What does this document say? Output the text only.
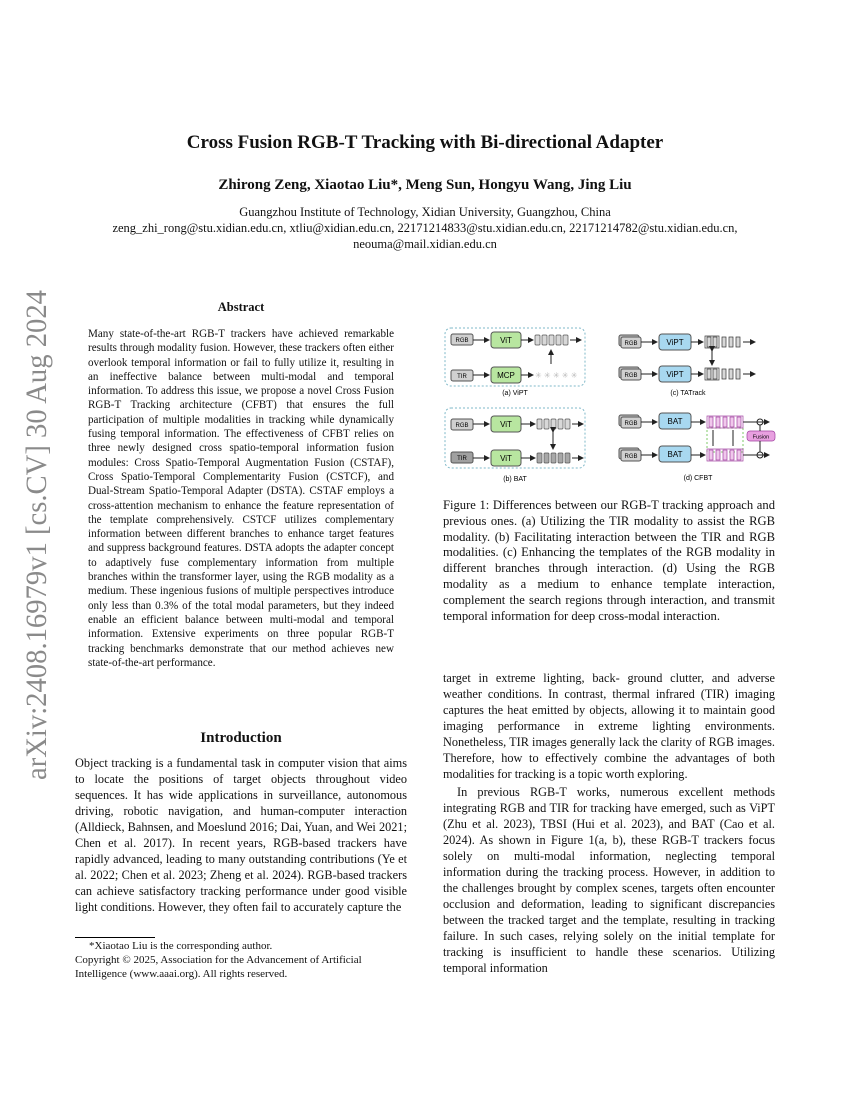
arXiv:2408.16979v1 [cs.CV] 30 Aug 2024
Cross Fusion RGB-T Tracking with Bi-directional Adapter
Zhirong Zeng, Xiaotao Liu*, Meng Sun, Hongyu Wang, Jing Liu
Guangzhou Institute of Technology, Xidian University, Guangzhou, China
zeng_zhi_rong@stu.xidian.edu.cn, xtliu@xidian.edu.cn, 22171214833@stu.xidian.edu.cn, 22171214782@stu.xidian.edu.cn,
neouma@mail.xidian.edu.cn
Abstract
Many state-of-the-art RGB-T trackers have achieved remarkable results through modality fusion. However, these trackers often either overlook temporal information or fail to fully utilize it, resulting in an ineffective balance between multi-modal and temporal information. To address this issue, we propose a novel Cross Fusion RGB-T Tracking architecture (CFBT) that ensures the full participation of multiple modalities in tracking while dynamically fusing temporal information. The effectiveness of CFBT relies on three newly designed cross spatio-temporal information fusion modules: Cross Spatio-Temporal Augmentation Fusion (CSTAF), Cross Spatio-Temporal Complementarity Fusion (CSTCF), and Dual-Stream Spatio-Temporal Adapter (DSTA). CSTAF employs a cross-attention mechanism to enhance the feature representation of the template comprehensively. CSTCF utilizes complementary information between different branches to enhance target features and suppress background features. DSTA adopts the adapter concept to adaptively fuse complementary information from multiple branches within the transformer layer, using the RGB modality as a medium. These ingenious fusions of multiple perspectives introduce only less than 0.3% of the total modal parameters, but they indeed enable an efficient balance between multi-modal and temporal information. Extensive experiments on three popular RGB-T tracking benchmarks demonstrate that our method achieves new state-of-the-art performance.
Introduction
Object tracking is a fundamental task in computer vision that aims to locate the positions of target objects throughout video sequences. It has wide applications in surveillance, autonomous driving, robotic navigation, and human-computer interaction (Alldieck, Bahnsen, and Moeslund 2016; Dai, Yuan, and Wei 2021; Chen et al. 2017). In recent years, RGB-based trackers have rapidly advanced, leading to many outstanding contributions (Ye et al. 2022; Chen et al. 2023; Zheng et al. 2024). RGB-based trackers can achieve satisfactory tracking performance under good visible light conditions. However, they often fail to accurately capture the

*Xiaotao Liu is the corresponding author.

Copyright © 2025, Association for the Advancement of Artificial Intelligence (www.aaai.org). All rights reserved.

RGB
TIR
ViT
MCP	✳ ✳ ✳ ✳ ✳
(a) ViPT
RGB
RGB
ViPT
ViPT
(c) TATrack
RGB
TIR
ViT
ViT
(b) BAT
RGB
RGB
BAT
BAT
Fusion
(d) CFBT
Figure 1: Differences between our RGB-T tracking approach and previous ones. (a) Utilizing the TIR modality to assist the RGB modality. (b) Facilitating interaction between the TIR and RGB modalities. (c) Enhancing the templates of the RGB modality in different branches through interaction. (d) Using the RGB modality as a medium to enhance template interaction, complement the search regions through interaction, and transmit temporal information for deep cross-modal interaction.

target in extreme lighting, back- ground clutter, and adverse weather conditions. In contrast, thermal infrared (TIR) imaging captures the heat emitted by objects, allowing it to maintain good imaging performance in extreme lighting environments. Nonetheless, TIR images generally lack the clarity of RGB images. Therefore, how to effectively combine the advantages of both modalities for tracking is a topic worth exploring.

In previous RGB-T works, numerous excellent methods integrating RGB and TIR for tracking have emerged, such as ViPT (Zhu et al. 2023), TBSI (Hui et al. 2023), and BAT (Cao et al. 2024). As shown in Figure 1(a, b), these RGB-T trackers focus solely on multi-modal information, neglecting temporal information during the tracking process. However, in addition to the challenges brought by complex scenes, targets often encounter occlusion and deformation, leading to significant discrepancies between the tracked target and the template, resulting in tracking failure. In such cases, relying solely on the initial template for tracking is insufficient to handle these scenarios. Utilizing temporal information
